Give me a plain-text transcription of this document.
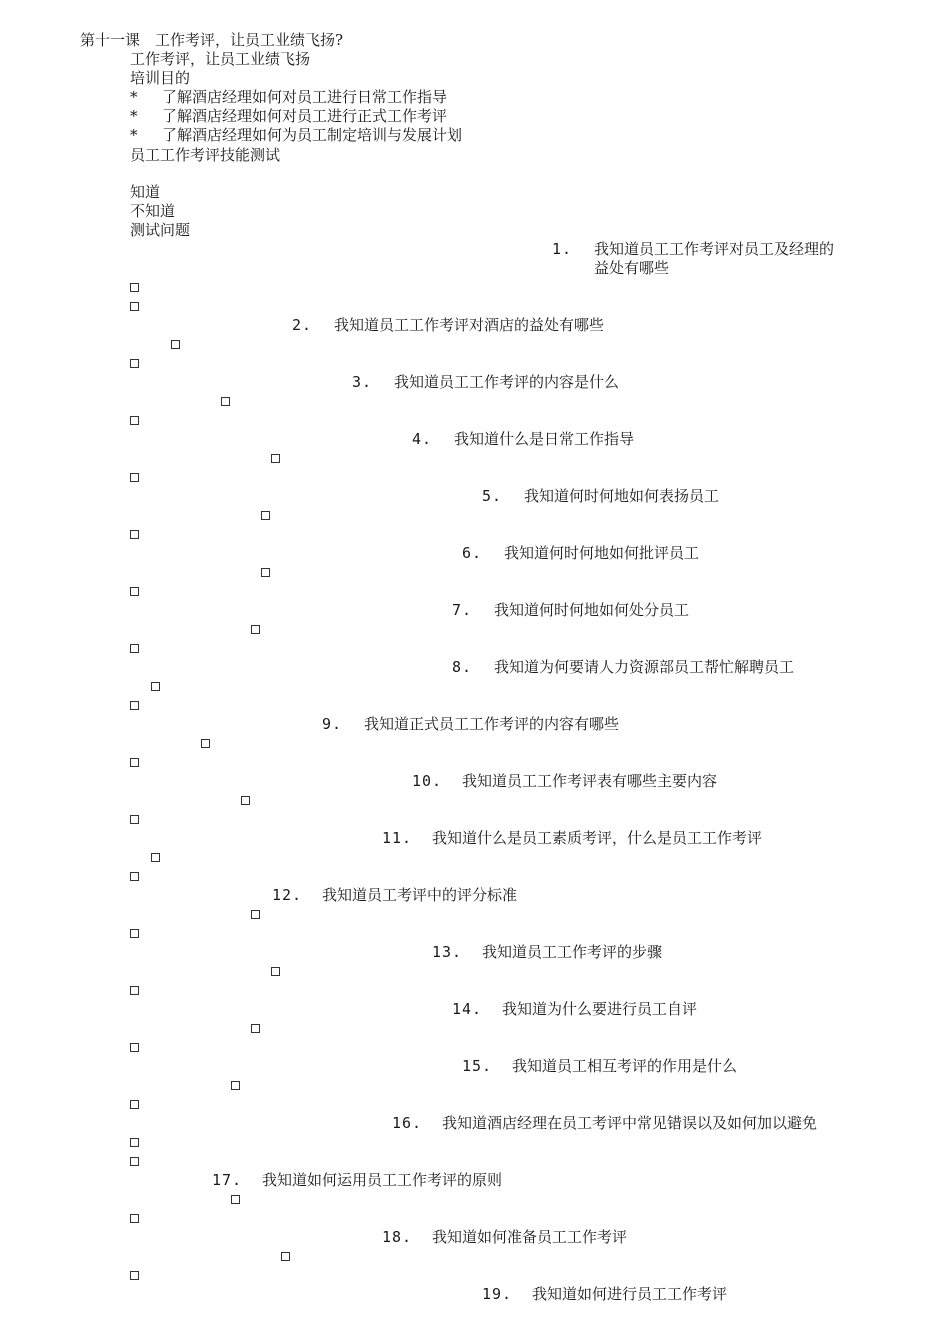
第十一课　工作考评，让员工业绩飞扬?
工作考评，让员工业绩飞扬
培训目的
* 了解酒店经理如何对员工进行日常工作指导
* 了解酒店经理如何对员工进行正式工作考评
* 了解酒店经理如何为员工制定培训与发展计划
员工工作考评技能测试
知道
不知道
测试问题
1. 我知道员工工作考评对员工及经理的
益处有哪些
2. 我知道员工工作考评对酒店的益处有哪些
3. 我知道员工工作考评的内容是什么
4. 我知道什么是日常工作指导
5. 我知道何时何地如何表扬员工
6. 我知道何时何地如何批评员工
7. 我知道何时何地如何处分员工
8. 我知道为何要请人力资源部员工帮忙解聘员工
9. 我知道正式员工工作考评的内容有哪些
10. 我知道员工工作考评表有哪些主要内容
11. 我知道什么是员工素质考评，什么是员工工作考评
12. 我知道员工考评中的评分标准
13. 我知道员工工作考评的步骤
14. 我知道为什么要进行员工自评
15. 我知道员工相互考评的作用是什么
16. 我知道酒店经理在员工考评中常见错误以及如何加以避免
17. 我知道如何运用员工工作考评的原则
18. 我知道如何准备员工工作考评
19. 我知道如何进行员工工作考评
